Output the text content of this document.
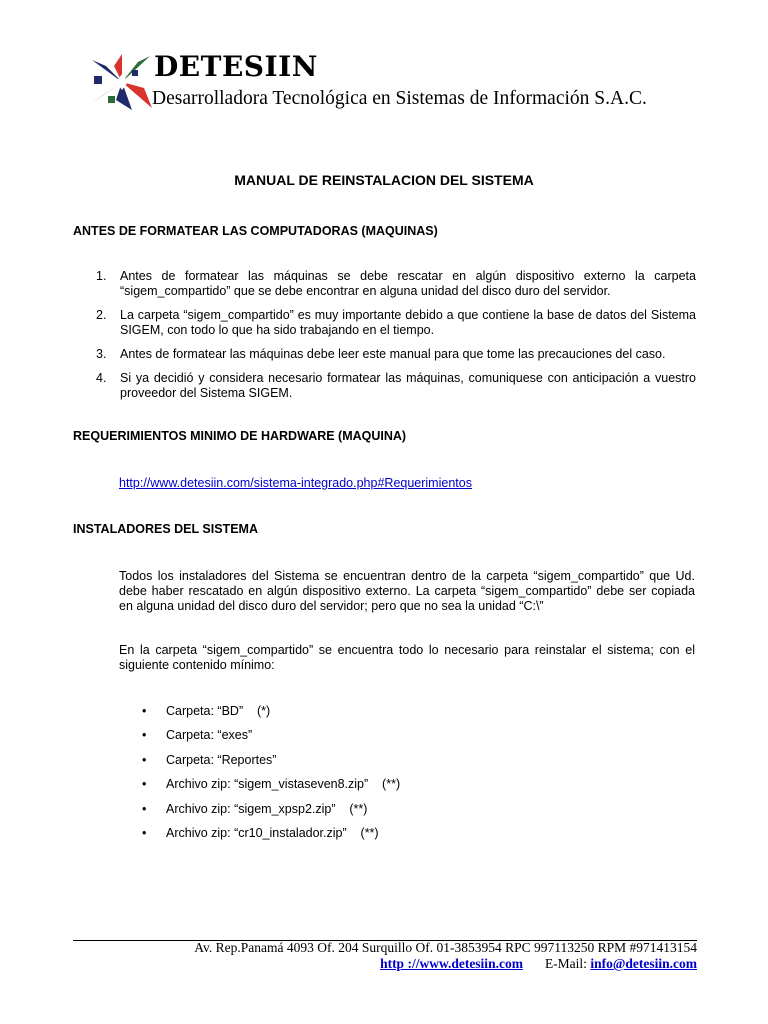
DETESIIN
Desarrolladora Tecnológica en Sistemas de Información S.A.C.
MANUAL DE REINSTALACION DEL SISTEMA
ANTES DE FORMATEAR LAS COMPUTADORAS (MAQUINAS)
1. Antes de formatear las máquinas se debe rescatar en algún dispositivo externo la carpeta “sigem_compartido” que se debe encontrar en alguna unidad del disco duro del servidor.
2. La carpeta “sigem_compartido” es muy importante debido a que contiene la base de datos del Sistema SIGEM, con todo lo que ha sido trabajando en el tiempo.
3. Antes de formatear las máquinas debe leer este manual para que tome las precauciones del caso.
4. Si ya decidió y considera necesario formatear las máquinas, comuniquese con anticipación a vuestro proveedor del Sistema SIGEM.
REQUERIMIENTOS MINIMO DE HARDWARE (MAQUINA)
http://www.detesiin.com/sistema-integrado.php#Requerimientos
INSTALADORES DEL SISTEMA
Todos los instaladores del Sistema se encuentran dentro de la carpeta “sigem_compartido” que Ud. debe haber rescatado en algún dispositivo externo. La carpeta “sigem_compartido” debe ser copiada en alguna unidad del disco duro del servidor; pero que no sea la unidad “C:\”
En la carpeta “sigem_compartido” se encuentra todo lo necesario para reinstalar el sistema; con el siguiente contenido mínimo:
• Carpeta: “BD”    (*)
• Carpeta: “exes”
• Carpeta: “Reportes”
• Archivo zip: “sigem_vistaseven8.zip”    (**)
• Archivo zip: “sigem_xpsp2.zip”    (**)
• Archivo zip: “cr10_instalador.zip”    (**)
Av. Rep.Panamá 4093 Of. 204 Surquillo Of. 01-3853954 RPC 997113250 RPM #971413154
http ://www.detesiin.com E-Mail: info@detesiin.com
